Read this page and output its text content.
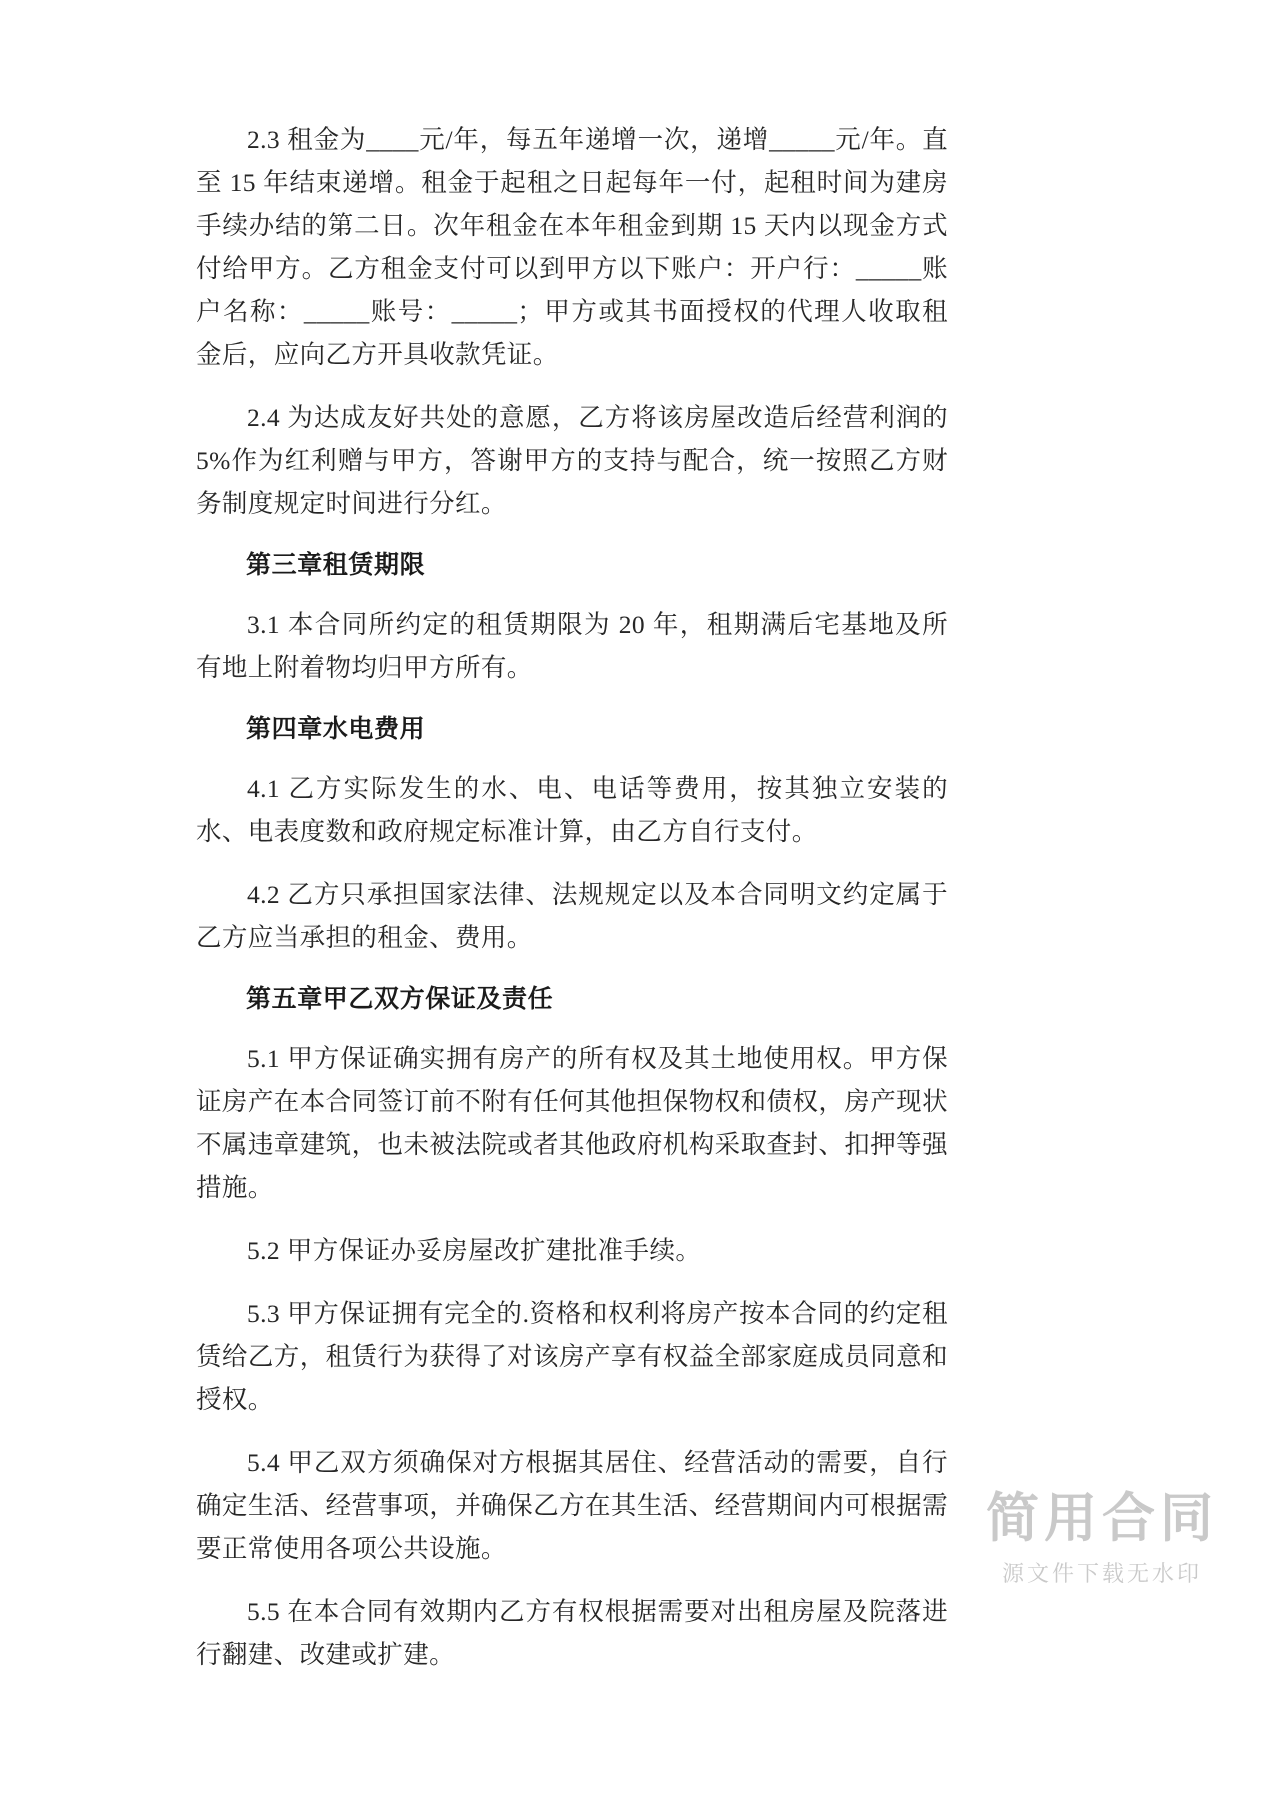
2.3 租金为____元/年，每五年递增一次，递增_____元/年。直至 15 年结束递增。租金于起租之日起每年一付，起租时间为建房手续办结的第二日。次年租金在本年租金到期 15 天内以现金方式付给甲方。乙方租金支付可以到甲方以下账户：开户行：_____账户名称：_____账号：_____；甲方或其书面授权的代理人收取租金后，应向乙方开具收款凭证。
2.4 为达成友好共处的意愿，乙方将该房屋改造后经营利润的 5%作为红利赠与甲方，答谢甲方的支持与配合，统一按照乙方财务制度规定时间进行分红。
第三章租赁期限
3.1 本合同所约定的租赁期限为 20 年，租期满后宅基地及所有地上附着物均归甲方所有。
第四章水电费用
4.1 乙方实际发生的水、电、电话等费用，按其独立安装的水、电表度数和政府规定标准计算，由乙方自行支付。
4.2 乙方只承担国家法律、法规规定以及本合同明文约定属于乙方应当承担的租金、费用。
第五章甲乙双方保证及责任
5.1 甲方保证确实拥有房产的所有权及其土地使用权。甲方保证房产在本合同签订前不附有任何其他担保物权和债权，房产现状不属违章建筑，也未被法院或者其他政府机构采取查封、扣押等强措施。
5.2 甲方保证办妥房屋改扩建批准手续。
5.3 甲方保证拥有完全的.资格和权利将房产按本合同的约定租赁给乙方，租赁行为获得了对该房产享有权益全部家庭成员同意和授权。
5.4 甲乙双方须确保对方根据其居住、经营活动的需要，自行确定生活、经营事项，并确保乙方在其生活、经营期间内可根据需要正常使用各项公共设施。
5.5 在本合同有效期内乙方有权根据需要对出租房屋及院落进行翻建、改建或扩建。
简用合同
源文件下载无水印
